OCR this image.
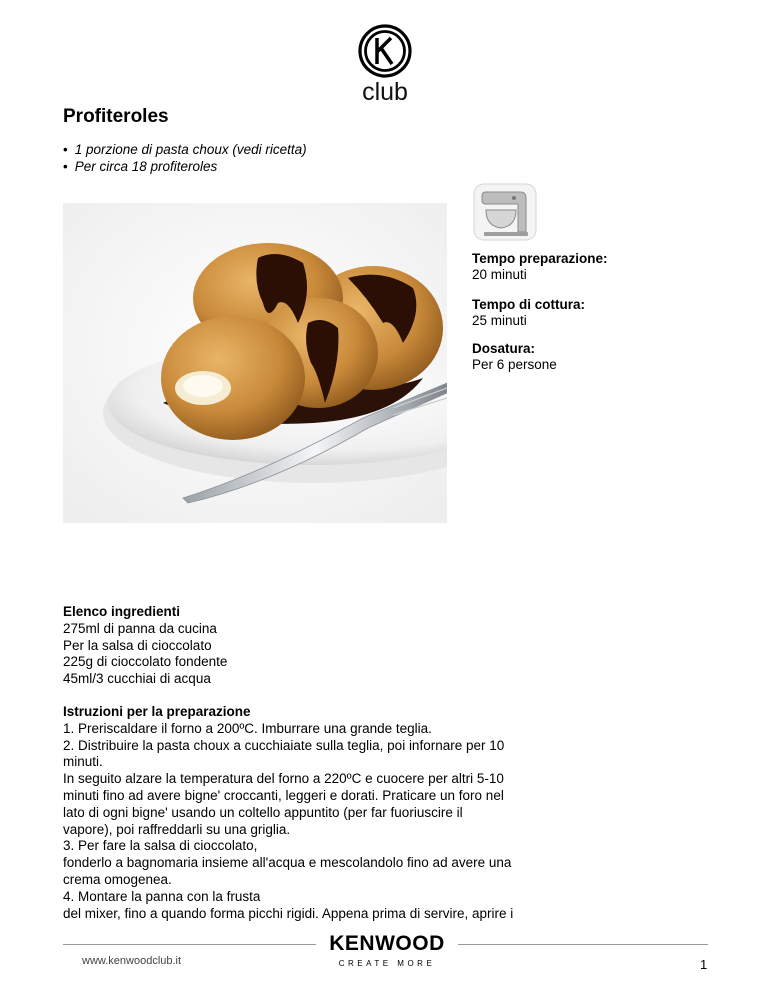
club
Profiteroles
• 1 porzione di pasta choux (vedi ricetta)
• Per circa 18 profiteroles
Tempo preparazione:
20 minuti
Tempo di cottura:
25 minuti
Dosatura:
Per 6 persone
Elenco ingredienti
275ml di panna da cucina
Per la salsa di cioccolato
225g di cioccolato fondente
45ml/3 cucchiai di acqua
Istruzioni per la preparazione
1. Preriscaldare il forno a 200ºC. Imburrare una grande teglia.
2. Distribuire la pasta choux a cucchiaiate sulla teglia, poi infornare per 10
minuti.
In seguito alzare la temperatura del forno a 220ºC e cuocere per altri 5-10
minuti fino ad avere bigne' croccanti, leggeri e dorati. Praticare un foro nel
lato di ogni bigne' usando un coltello appuntito (per far fuoriuscire il
vapore), poi raffreddarli su una griglia.
3. Per fare la salsa di cioccolato,
fonderlo a bagnomaria insieme all'acqua e mescolandolo fino ad avere una
crema omogenea.
4. Montare la panna con la frusta
del mixer, fino a quando forma picchi rigidi. Appena prima di servire, aprire i
KENWOOD
CREATE MORE
www.kenwoodclub.it	1
